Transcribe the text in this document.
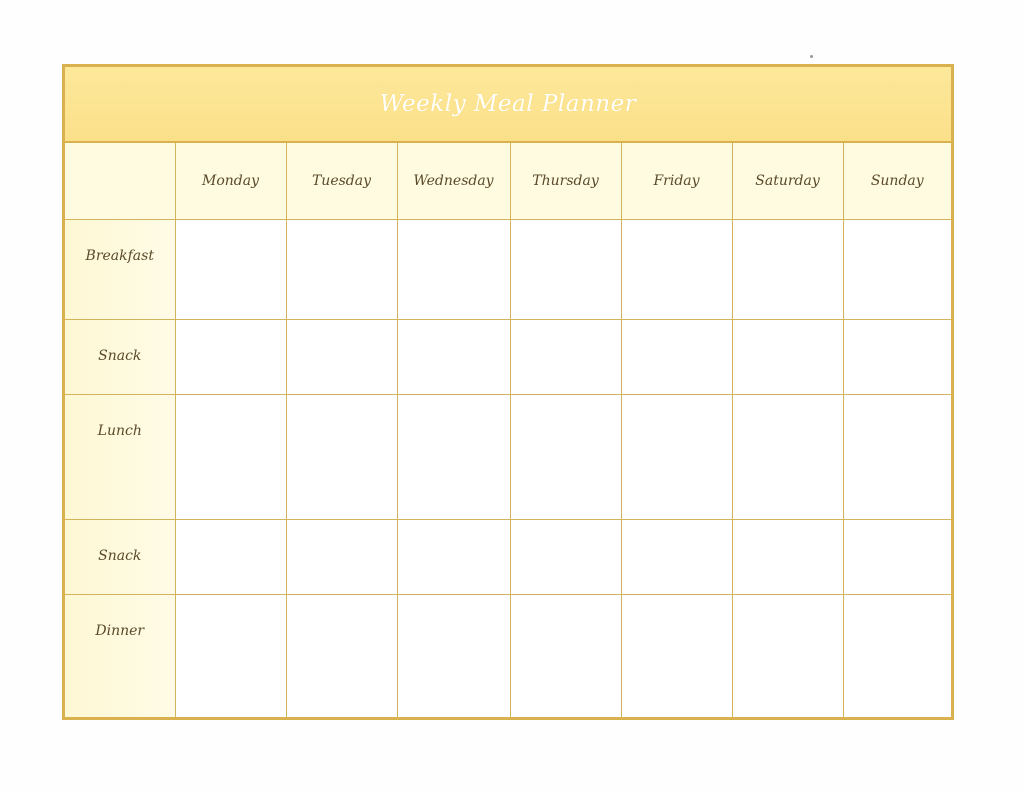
Weekly Meal Planner
	Monday	Tuesday	Wednesday	Thursday	Friday	Saturday	Sunday
Breakfast							
Snack							
Lunch							
Snack							
Dinner							
